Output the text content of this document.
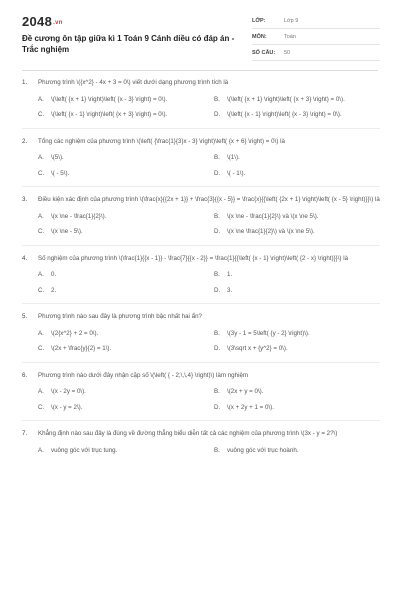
$2048^{.vn}$
Đề cương ôn tập giữa kì 1 Toán 9 Cánh diều có đáp án - Trắc nghiệm
LỚP:	Lớp 9
MÔN:	Toán
SỐ CÂU:	50
1.	Phương trình \({x^2} - 4x + 3 = 0\) viết dưới dạng phương trình tích là
A.	\(\left( {x + 1} \right)\left( {x - 3} \right) = 0\).	B.	\(\left( {x + 1} \right)\left( {x + 3} \right) = 0\).
C.	\(\left( {x - 1} \right)\left( {x + 3} \right) = 0\).	D.	\(\left( {x - 1} \right)\left( {x - 3} \right) = 0\).
2.	Tổng các nghiệm của phương trình \(\left( {\frac{1}{3}x - 3} \right)\left( {x + 6} \right) = 0\) là
A.	\(5\).	B.	\(1\).
C.	\( - 5\).	D.	\( - 1\).
3.	Điều kiện xác định của phương trình \(\frac{x}{{2x + 1}} + \frac{3}{{x - 5}} = \frac{x}{{\left( {2x + 1} \right)\left( {x - 5} \right)}}\) là
A.	\(x \ne - \frac{1}{2}\).	B.	\(x \ne - \frac{1}{2}\) và \(x \ne 5\).
C.	\(x \ne - 5\).	D.	\(x \ne \frac{1}{2}\) và \(x \ne 5\).
4.	Số nghiệm của phương trình \(\frac{1}{{x - 1}} - \frac{7}{{x - 2}} = \frac{1}{{\left( {x - 1} \right)\left( {2 - x} \right)}}\) là
A.	0.	B.	1.
C.	2.	D.	3.
5.	Phương trình nào sau đây là phương trình bậc nhất hai ẩn?
A.	\(2{x^2} + 2 = 0\).	B.	\(3y - 1 = 5\left( {y - 2} \right)\).
C.	\(2x + \frac{y}{2} = 1\).	D.	\(3\sqrt x + {y^2} = 0\).
6.	Phương trình nào dưới đây nhận cặp số \(\left( { - 2;\,\,4} \right)\) làm nghiệm
A.	\(x - 2y = 0\).	B.	\(2x + y = 0\).
C.	\(x - y = 2\).	D.	\(x + 2y + 1 = 0\).
7.	Khẳng định nào sau đây là đúng về đường thẳng biểu diễn tất cả các nghiệm của phương trình \(3x - y = 2?\)
A.	vuông góc với trục tung.	B.	vuông góc với trục hoành.
